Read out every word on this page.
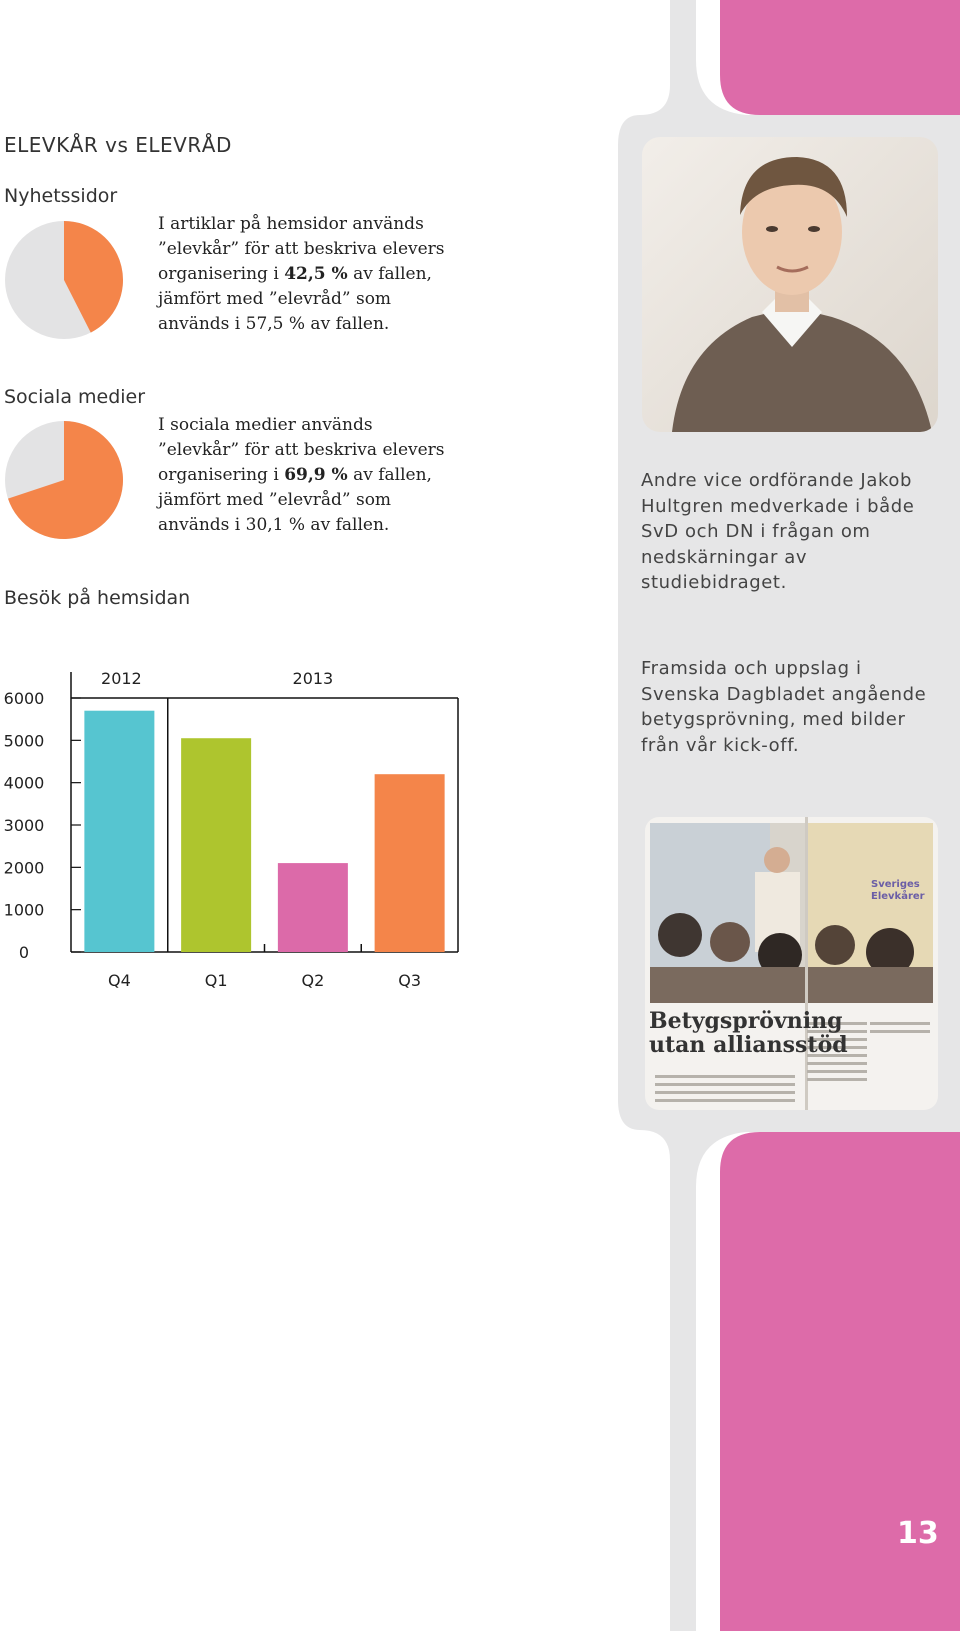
ELEVKÅR vs ELEVRÅD
Nyhetssidor
I artiklar på hemsidor används ”elevkår” för att beskriva elevers organisering i 42,5 % av fallen, jämfört med ”elevråd” som används i 57,5 % av fallen.
Sociala medier
I sociala medier används ”elevkår” för att beskriva elevers organisering i 69,9 % av fallen, jämfört med ”elevråd” som används i 30,1 % av fallen.
Besök på hemsidan
0
1000
2000
3000
4000
5000
6000
Q4	Q1	Q2	Q3
2012	2013
Andre vice ordförande Jakob Hultgren medverkade i både SvD och DN i frågan om nedskärningar av studiebidraget.
Framsida och uppslag i Svenska Dagbladet angående betygsprövning, med bilder från vår kick-off.
Betygsprövning
utan alliansstöd
Sveriges
Elevkårer
13
